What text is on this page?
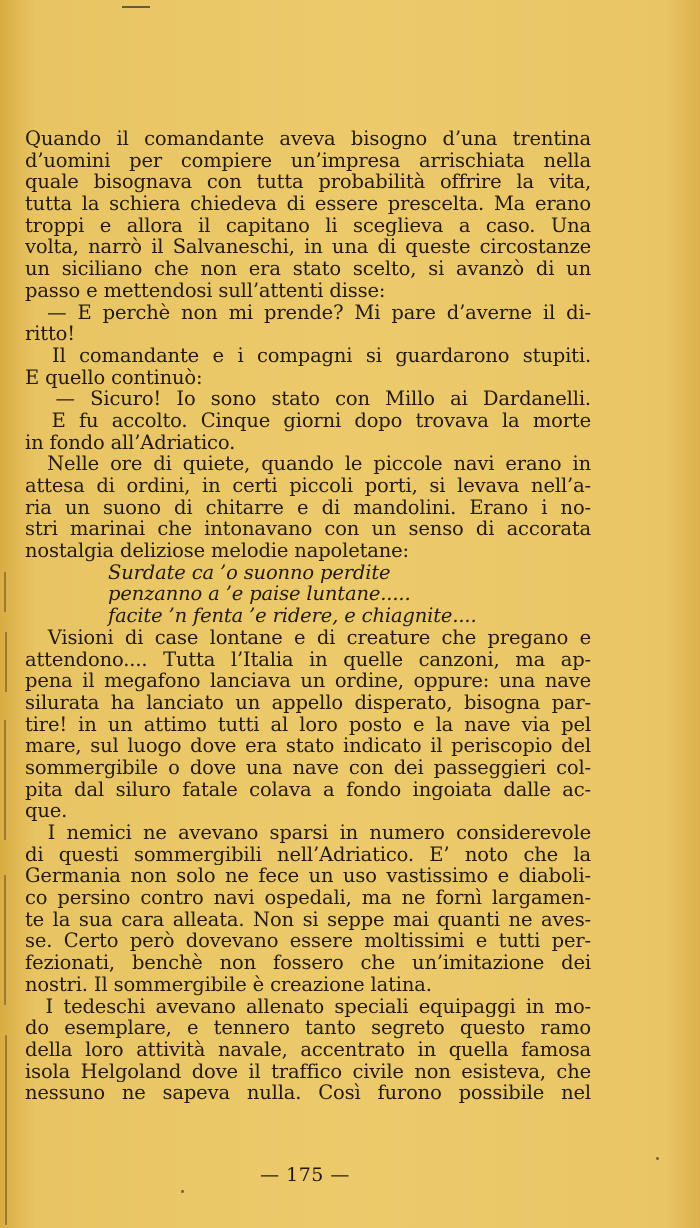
Quando il comandante aveva bisogno d’una trentina
d’uomini per compiere un’impresa arrischiata nella
quale bisognava con tutta probabilità offrire la vita,
tutta la schiera chiedeva di essere prescelta. Ma erano
troppi e allora il capitano li sceglieva a caso. Una
volta, narrò il Salvaneschi, in una di queste circostanze
un siciliano che non era stato scelto, si avanzò di un
passo e mettendosi sull’attenti disse:
— E perchè non mi prende? Mi pare d’averne il di-
ritto!
Il comandante e i compagni si guardarono stupiti.
E quello continuò:
— Sicuro! Io sono stato con Millo ai Dardanelli.
E fu accolto. Cinque giorni dopo trovava la morte
in fondo all’Adriatico.
Nelle ore di quiete, quando le piccole navi erano in
attesa di ordini, in certi piccoli porti, si levava nell’a-
ria un suono di chitarre e di mandolini. Erano i no-
stri marinai che intonavano con un senso di accorata
nostalgia deliziose melodie napoletane:
Surdate ca ’o suonno perdite
penzanno a ’e paise luntane.....
facite ’n fenta ’e ridere, e chiagnite....
Visioni di case lontane e di creature che pregano e
attendono.... Tutta l’Italia in quelle canzoni, ma ap-
pena il megafono lanciava un ordine, oppure: una nave
silurata ha lanciato un appello disperato, bisogna par-
tire! in un attimo tutti al loro posto e la nave via pel
mare, sul luogo dove era stato indicato il periscopio del
sommergibile o dove una nave con dei passeggieri col-
pita dal siluro fatale colava a fondo ingoiata dalle ac-
que.
I nemici ne avevano sparsi in numero considerevole
di questi sommergibili nell’Adriatico. E’ noto che la
Germania non solo ne fece un uso vastissimo e diaboli-
co persino contro navi ospedali, ma ne fornì largamen-
te la sua cara alleata. Non si seppe mai quanti ne aves-
se. Certo però dovevano essere moltissimi e tutti per-
fezionati, benchè non fossero che un’imitazione dei
nostri. Il sommergibile è creazione latina.
I tedeschi avevano allenato speciali equipaggi in mo-
do esemplare, e tennero tanto segreto questo ramo
della loro attività navale, accentrato in quella famosa
isola Helgoland dove il traffico civile non esisteva, che
nessuno ne sapeva nulla. Così furono possibile nel
— 175 —
